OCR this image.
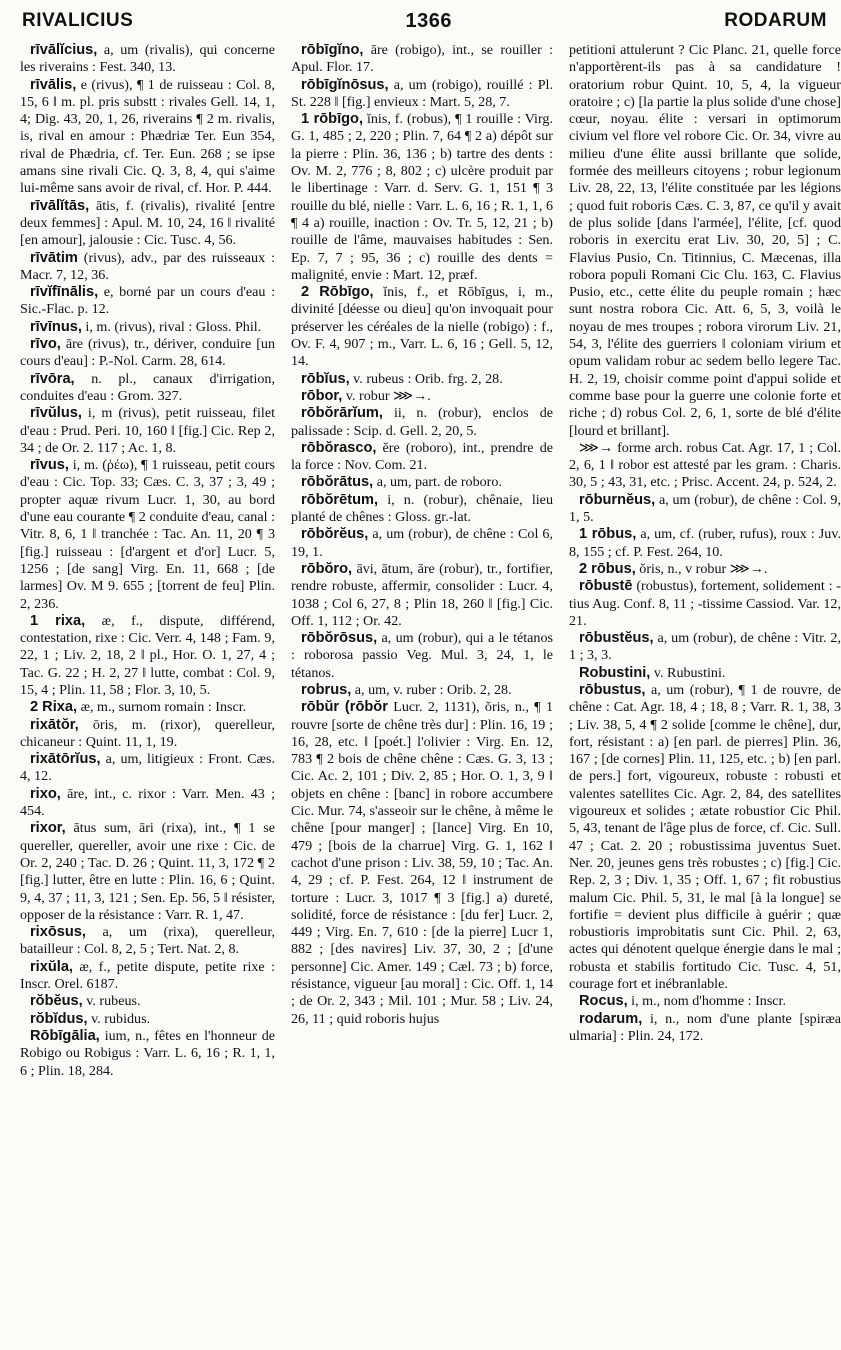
RIVALICIUS	1366	RODARUM

rīvālĭcius, a, um (rivalis), qui concerne les riverains : Fest. 340, 13.

rīvālis, e (rivus), ¶ 1 de ruisseau : Col. 8, 15, 6 ‖ m. pl. pris substt : rivales Gell. 14, 1, 4; Dig. 43, 20, 1, 26, riverains ¶ 2 m. rivalis, is, rival en amour : Phædriæ Ter. Eun 354, rival de Phædria, cf. Ter. Eun. 268 ; se ipse amans sine rivali Cic. Q. 3, 8, 4, qui s'aime lui-même sans avoir de rival, cf. Hor. P. 444.

rīvālĭtās, ātis, f. (rivalis), rivalité [entre deux femmes] : Apul. M. 10, 24, 16 ‖ rivalité [en amour], jalousie : Cic. Tusc. 4, 56.

rīvātim (rivus), adv., par des ruisseaux : Macr. 7, 12, 36.

rīvĭfīnālis, e, borné par un cours d'eau : Sic.-Flac. p. 12.

rīvīnus, i, m. (rivus), rival : Gloss. Phil.

rīvo, āre (rivus), tr., dériver, conduire [un cours d'eau] : P.-Nol. Carm. 28, 614.

rīvōra, n. pl., canaux d'irrigation, conduites d'eau : Grom. 327.

rīvŭlus, i, m (rivus), petit ruisseau, filet d'eau : Prud. Peri. 10, 160 ‖ [fig.] Cic. Rep 2, 34 ; de Or. 2. 117 ; Ac. 1, 8.

rīvus, i, m. (ῥέω), ¶ 1 ruisseau, petit cours d'eau : Cic. Top. 33; Cæs. C. 3, 37 ; 3, 49 ; propter aquæ rivum Lucr. 1, 30, au bord d'une eau courante ¶ 2 conduite d'eau, canal : Vitr. 8, 6, 1 ‖ tranchée : Tac. An. 11, 20 ¶ 3 [fig.] ruisseau : [d'argent et d'or] Lucr. 5, 1256 ; [de sang] Virg. En. 11, 668 ; [de larmes] Ov. M 9. 655 ; [torrent de feu] Plin. 2, 236.

1 rixa, æ, f., dispute, différend, contestation, rixe : Cic. Verr. 4, 148 ; Fam. 9, 22, 1 ; Liv. 2, 18, 2 ‖ pl., Hor. O. 1, 27, 4 ; Tac. G. 22 ; H. 2, 27 ‖ lutte, combat : Col. 9, 15, 4 ; Plin. 11, 58 ; Flor. 3, 10, 5.

2 Rixa, æ, m., surnom romain : Inscr.

rixātŏr, ōris, m. (rixor), querelleur, chicaneur : Quint. 11, 1, 19.

rixātōrĭus, a, um, litigieux : Front. Cæs. 4, 12.

rixo, āre, int., c. rixor : Varr. Men. 43 ; 454.

rixor, ātus sum, āri (rixa), int., ¶ 1 se quereller, quereller, avoir une rixe : Cic. de Or. 2, 240 ; Tac. D. 26 ; Quint. 11, 3, 172 ¶ 2 [fig.] lutter, être en lutte : Plin. 16, 6 ; Quint. 9, 4, 37 ; 11, 3, 121 ; Sen. Ep. 56, 5 ‖ résister, opposer de la résistance : Varr. R. 1, 47.

rixōsus, a, um (rixa), querelleur, batailleur : Col. 8, 2, 5 ; Tert. Nat. 2, 8.

rixŭla, æ, f., petite dispute, petite rixe : Inscr. Orel. 6187.

rŏbĕus, v. rubeus.

rŏbĭdus, v. rubidus.

Rōbīgālia, ium, n., fêtes en l'honneur de Robigo ou Robigus : Varr. L. 6, 16 ; R. 1, 1, 6 ; Plin. 18, 284.

rōbīgĭno, āre (robigo), int., se rouiller : Apul. Flor. 17.

rōbīgĭnōsus, a, um (robigo), rouillé : Pl. St. 228 ‖ [fig.] envieux : Mart. 5, 28, 7.

1 rōbīgo, ĭnis, f. (robus), ¶ 1 rouille : Virg. G. 1, 485 ; 2, 220 ; Plin. 7, 64 ¶ 2 a) dépôt sur la pierre : Plin. 36, 136 ; b) tartre des dents : Ov. M. 2, 776 ; 8, 802 ; c) ulcère produit par le libertinage : Varr. d. Serv. G. 1, 151 ¶ 3 rouille du blé, nielle : Varr. L. 6, 16 ; R. 1, 1, 6 ¶ 4 a) rouille, inaction : Ov. Tr. 5, 12, 21 ; b) rouille de l'âme, mauvaises habitudes : Sen. Ep. 7, 7 ; 95, 36 ; c) rouille des dents = malignité, envie : Mart. 12, præf.

2 Rōbīgo, ĭnis, f., et Rōbīgus, i, m., divinité [déesse ou dieu] qu'on invoquait pour préserver les céréales de la nielle (robigo) : f., Ov. F. 4, 907 ; m., Varr. L. 6, 16 ; Gell. 5, 12, 14.

rōbĭus, v. rubeus : Orib. frg. 2, 28.

rōbor, v. robur ⋙→.

rōbŏrārĭum, ii, n. (robur), enclos de palissade : Scip. d. Gell. 2, 20, 5.

rōbŏrasco, ĕre (roboro), int., prendre de la force : Nov. Com. 21.

rōbŏrātus, a, um, part. de roboro.

rōbŏrētum, i, n. (robur), chênaie, lieu planté de chênes : Gloss. gr.-lat.

rōbŏrĕus, a, um (robur), de chêne : Col 6, 19, 1.

rōbŏro, āvi, ātum, āre (robur), tr., fortifier, rendre robuste, affermir, consolider : Lucr. 4, 1038 ; Col 6, 27, 8 ; Plin 18, 260 ‖ [fig.] Cic. Off. 1, 112 ; Or. 42.

rōbŏrōsus, a, um (robur), qui a le tétanos : roborosa passio Veg. Mul. 3, 24, 1, le tétanos.

robrus, a, um, v. ruber : Orib. 2, 28.

rōbŭr (rōbŏr Lucr. 2, 1131), ŏris, n., ¶ 1 rouvre [sorte de chêne très dur] : Plin. 16, 19 ; 16, 28, etc. ‖ [poét.] l'olivier : Virg. En. 12, 783 ¶ 2 bois de chêne chêne : Cæs. G. 3, 13 ; Cic. Ac. 2, 101 ; Div. 2, 85 ; Hor. O. 1, 3, 9 ‖ objets en chêne : [banc] in robore accumbere Cic. Mur. 74, s'asseoir sur le chêne, à même le chêne [pour manger] ; [lance] Virg. En 10, 479 ; [bois de la charrue] Virg. G. 1, 162 ‖ cachot d'une prison : Liv. 38, 59, 10 ; Tac. An. 4, 29 ; cf. P. Fest. 264, 12 ‖ instrument de torture : Lucr. 3, 1017 ¶ 3 [fig.] a) dureté, solidité, force de résistance : [du fer] Lucr. 2, 449 ; Virg. En. 7, 610 : [de la pierre] Lucr 1, 882 ; [des navires] Liv. 37, 30, 2 ; [d'une personne] Cic. Amer. 149 ; Cæl. 73 ; b) force, résistance, vigueur [au moral] : Cic. Off. 1, 14 ; de Or. 2, 343 ; Mil. 101 ; Mur. 58 ; Liv. 24, 26, 11 ; quid roboris hujus

petitioni attulerunt ? Cic Planc. 21, quelle force n'apportèrent-ils pas à sa candidature ! oratorium robur Quint. 10, 5, 4, la vigueur oratoire ; c) [la partie la plus solide d'une chose] cœur, noyau. élite : versari in optimorum civium vel flore vel robore Cic. Or. 34, vivre au milieu d'une élite aussi brillante que solide, formée des meilleurs citoyens ; robur legionum Liv. 28, 22, 13, l'élite constituée par les légions ; quod fuit roboris Cæs. C. 3, 87, ce qu'il y avait de plus solide [dans l'armée], l'élite, [cf. quod roboris in exercitu erat Liv. 30, 20, 5] ; C. Flavius Pusio, Cn. Titinnius, C. Mæcenas, illa robora populi Romani Cic Clu. 163, C. Flavius Pusio, etc., cette élite du peuple romain ; hæc sunt nostra robora Cic. Att. 6, 5, 3, voilà le noyau de mes troupes ; robora virorum Liv. 21, 54, 3, l'élite des guerriers ‖ coloniam virium et opum validam robur ac sedem bello legere Tac. H. 2, 19, choisir comme point d'appui solide et comme base pour la guerre une colonie forte et riche ; d) robus Col. 2, 6, 1, sorte de blé d'élite [lourd et brillant].

⋙→ forme arch. robus Cat. Agr. 17, 1 ; Col. 2, 6, 1 ‖ robor est attesté par les gram. : Charis. 30, 5 ; 43, 31, etc. ; Prisc. Accent. 24, p. 524, 2.

rōburnĕus, a, um (robur), de chêne : Col. 9, 1, 5.

1 rōbus, a, um, cf. (ruber, rufus), roux : Juv. 8, 155 ; cf. P. Fest. 264, 10.

2 rōbus, ŏris, n., v robur ⋙→.

rōbustē (robustus), fortement, solidement : -tius Aug. Conf. 8, 11 ; -tissime Cassiod. Var. 12, 21.

rōbustĕus, a, um (robur), de chêne : Vitr. 2, 1 ; 3, 3.

Robustini, v. Rubustini.

rōbustus, a, um (robur), ¶ 1 de rouvre, de chêne : Cat. Agr. 18, 4 ; 18, 8 ; Varr. R. 1, 38, 3 ; Liv. 38, 5, 4 ¶ 2 solide [comme le chêne], dur, fort, résistant : a) [en parl. de pierres] Plin. 36, 167 ; [de cornes] Plin. 11, 125, etc. ; b) [en parl. de pers.] fort, vigoureux, robuste : robusti et valentes satellites Cic. Agr. 2, 84, des satellites vigoureux et solides ; ætate robustior Cic Phil. 5, 43, tenant de l'âge plus de force, cf. Cic. Sull. 47 ; Cat. 2. 20 ; robustissima juventus Suet. Ner. 20, jeunes gens très robustes ; c) [fig.] Cic. Rep. 2, 3 ; Div. 1, 35 ; Off. 1, 67 ; fit robustius malum Cic. Phil. 5, 31, le mal [à la longue] se fortifie = devient plus difficile à guérir ; quæ robustioris improbitatis sunt Cic. Phil. 2, 63, actes qui dénotent quelque énergie dans le mal ; robusta et stabilis fortitudo Cic. Tusc. 4, 51, courage fort et inébranlable.

Rocus, i, m., nom d'homme : Inscr.

rodarum, i, n., nom d'une plante [spiræa ulmaria] : Plin. 24, 172.
